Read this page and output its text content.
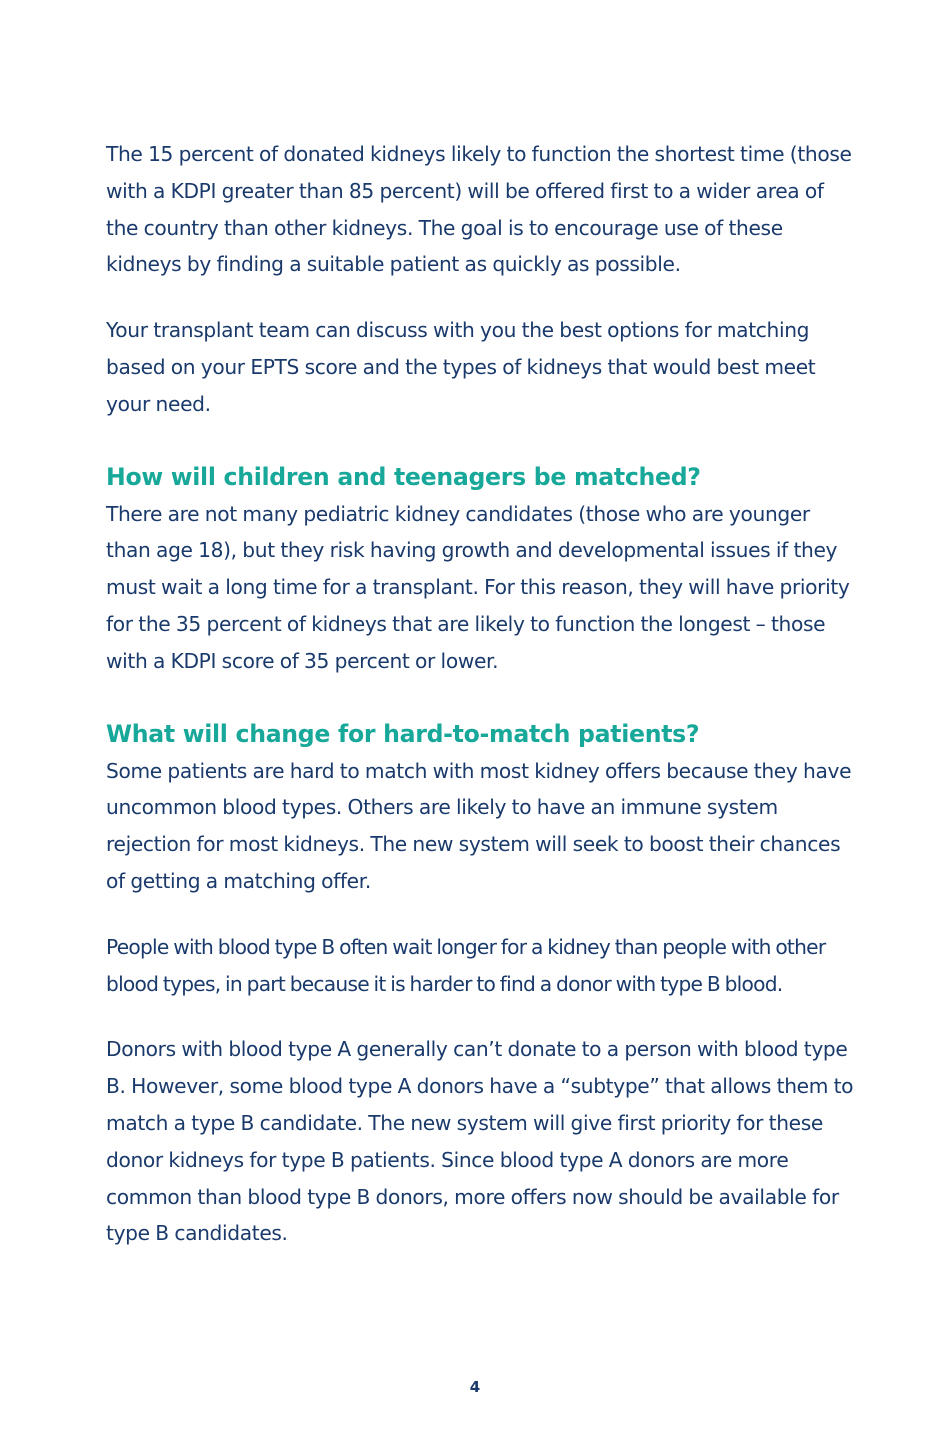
The 15 percent of donated kidneys likely to function the shortest time (those with a KDPI greater than 85 percent) will be offered first to a wider area of the country than other kidneys. The goal is to encourage use of these kidneys by finding a suitable patient as quickly as possible.

Your transplant team can discuss with you the best options for matching based on your EPTS score and the types of kidneys that would best meet your need.

How will children and teenagers be matched?

There are not many pediatric kidney candidates (those who are younger than age 18), but they risk having growth and developmental issues if they must wait a long time for a transplant. For this reason, they will have priority for the 35 percent of kidneys that are likely to function the longest – those with a KDPI score of 35 percent or lower.

What will change for hard-to-match patients?

Some patients are hard to match with most kidney offers because they have uncommon blood types. Others are likely to have an immune system rejection for most kidneys. The new system will seek to boost their chances of getting a matching offer.

People with blood type B often wait longer for a kidney than people with other blood types, in part because it is harder to find a donor with type B blood.

Donors with blood type A generally can’t donate to a person with blood type B. However, some blood type A donors have a “subtype” that allows them to match a type B candidate. The new system will give first priority for these donor kidneys for type B patients. Since blood type A donors are more common than blood type B donors, more offers now should be available for type B candidates.

4
